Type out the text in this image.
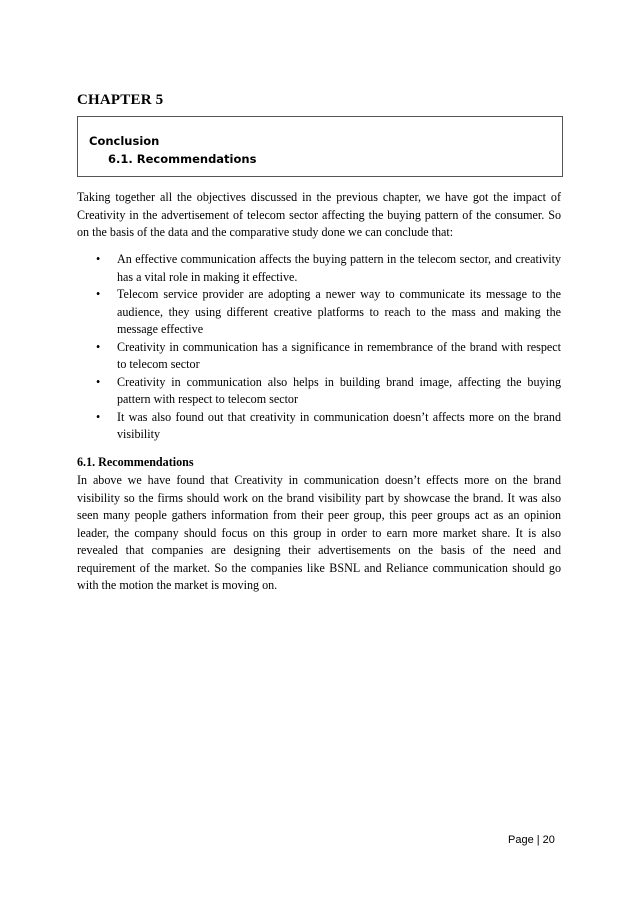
CHAPTER 5
Conclusion
6.1. Recommendations
Taking together all the objectives discussed in the previous chapter, we have got the impact of Creativity in the advertisement of telecom sector affecting the buying pattern of the consumer. So on the basis of the data and the comparative study done we can conclude that:
• An effective communication affects the buying pattern in the telecom sector, and creativity has a vital role in making it effective.
• Telecom service provider are adopting a newer way to communicate its message to the audience, they using different creative platforms to reach to the mass and making the message effective
• Creativity in communication has a significance in remembrance of the brand with respect to telecom sector
• Creativity in communication also helps in building brand image, affecting the buying pattern with respect to telecom sector
• It was also found out that creativity in communication doesn’t affects more on the brand visibility
6.1. Recommendations
In above we have found that Creativity in communication doesn’t effects more on the brand visibility so the firms should work on the brand visibility part by showcase the brand. It was also seen many people gathers information from their peer group, this peer groups act as an opinion leader, the company should focus on this group in order to earn more market share. It is also revealed that companies are designing their advertisements on the basis of the need and requirement of the market. So the companies like BSNL and Reliance communication should go with the motion the market is moving on.
Page | 20
